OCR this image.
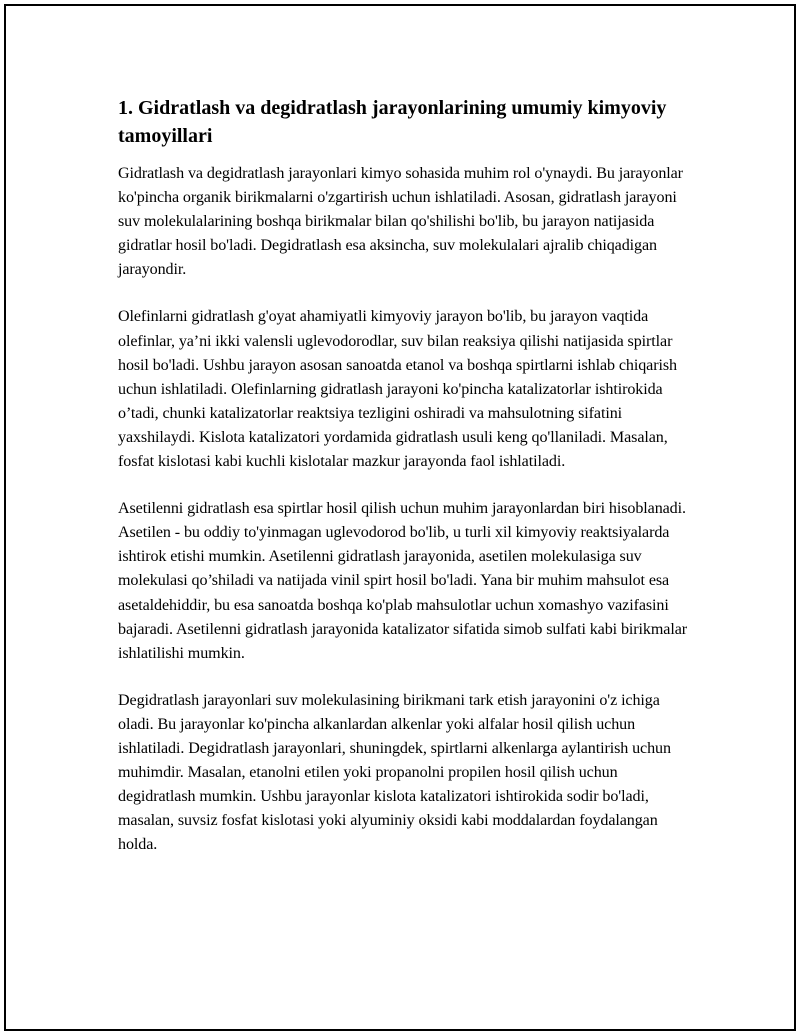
1. Gidratlash va degidratlash jarayonlarining umumiy kimyoviy tamoyillari

Gidratlash va degidratlash jarayonlari kimyo sohasida muhim rol o'ynaydi. Bu jarayonlar ko'pincha organik birikmalarni o'zgartirish uchun ishlatiladi. Asosan, gidratlash jarayoni suv molekulalarining boshqa birikmalar bilan qo'shilishi bo'lib, bu jarayon natijasida gidratlar hosil bo'ladi. Degidratlash esa aksincha, suv molekulalari ajralib chiqadigan jarayondir.

Olefinlarni gidratlash g'oyat ahamiyatli kimyoviy jarayon bo'lib, bu jarayon vaqtida olefinlar, ya’ni ikki valensli uglevodorodlar, suv bilan reaksiya qilishi natijasida spirtlar hosil bo'ladi. Ushbu jarayon asosan sanoatda etanol va boshqa spirtlarni ishlab chiqarish uchun ishlatiladi. Olefinlarning gidratlash jarayoni ko'pincha katalizatorlar ishtirokida o’tadi, chunki katalizatorlar reaktsiya tezligini oshiradi va mahsulotning sifatini yaxshilaydi. Kislota katalizatori yordamida gidratlash usuli keng qo'llaniladi. Masalan, fosfat kislotasi kabi kuchli kislotalar mazkur jarayonda faol ishlatiladi.

Asetilenni gidratlash esa spirtlar hosil qilish uchun muhim jarayonlardan biri hisoblanadi. Asetilen - bu oddiy to'yinmagan uglevodorod bo'lib, u turli xil kimyoviy reaktsiyalarda ishtirok etishi mumkin. Asetilenni gidratlash jarayonida, asetilen molekulasiga suv molekulasi qo’shiladi va natijada vinil spirt hosil bo'ladi. Yana bir muhim mahsulot esa asetaldehiddir, bu esa sanoatda boshqa ko'plab mahsulotlar uchun xomashyo vazifasini bajaradi. Asetilenni gidratlash jarayonida katalizator sifatida simob sulfati kabi birikmalar ishlatilishi mumkin.

Degidratlash jarayonlari suv molekulasining birikmani tark etish jarayonini o'z ichiga oladi. Bu jarayonlar ko'pincha alkanlardan alkenlar yoki alfalar hosil qilish uchun ishlatiladi. Degidratlash jarayonlari, shuningdek, spirtlarni alkenlarga aylantirish uchun muhimdir. Masalan, etanolni etilen yoki propanolni propilen hosil qilish uchun degidratlash mumkin. Ushbu jarayonlar kislota katalizatori ishtirokida sodir bo'ladi, masalan, suvsiz fosfat kislotasi yoki alyuminiy oksidi kabi moddalardan foydalangan holda.
